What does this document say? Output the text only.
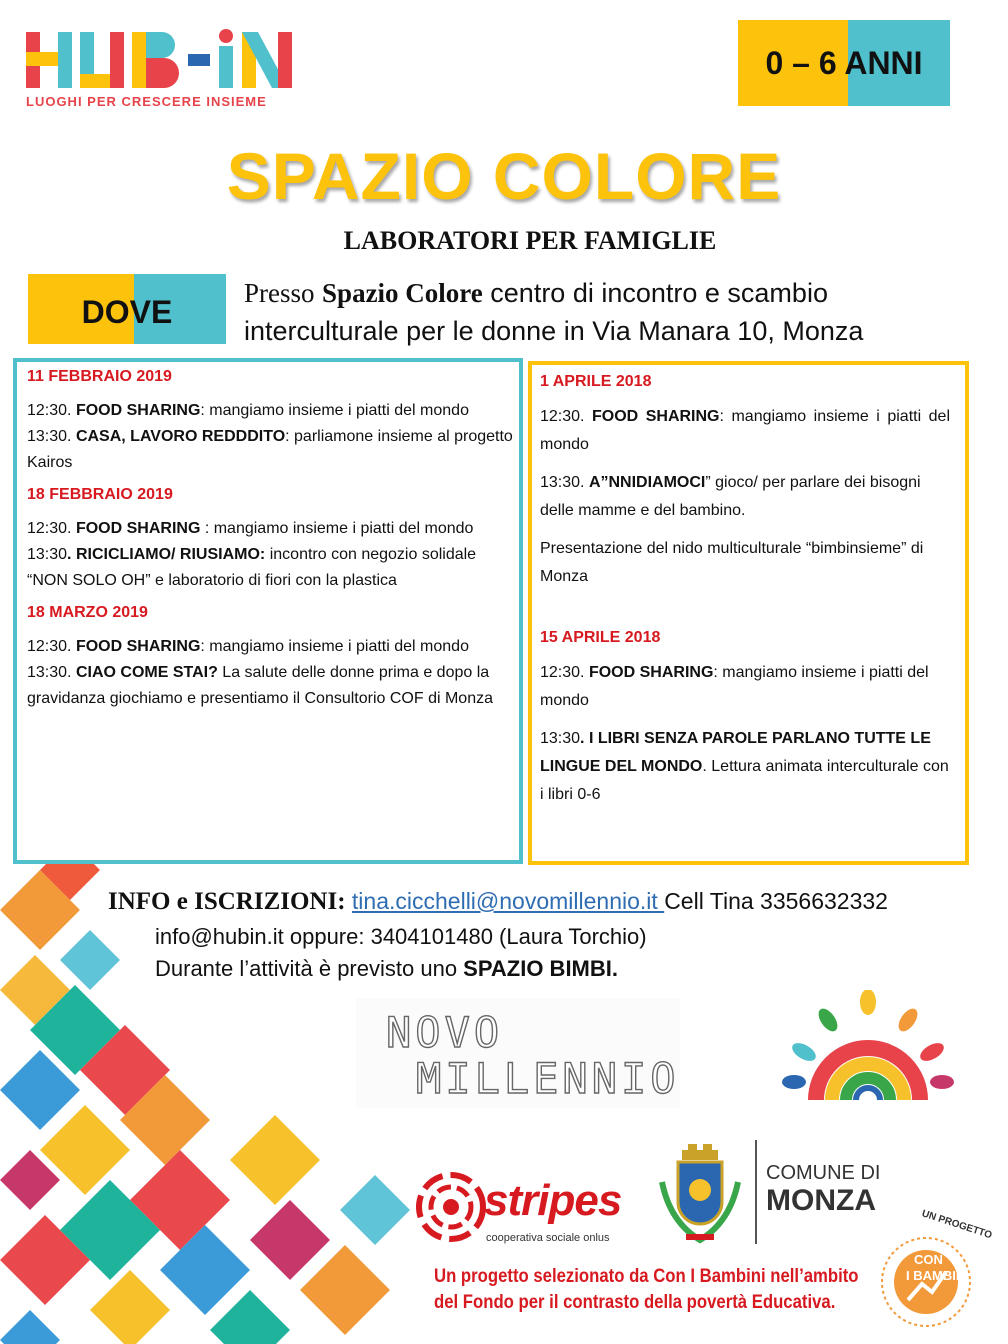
LUOGHI PER CRESCERE INSIEME
0 – 6 ANNI
SPAZIO COLORE
LABORATORI PER FAMIGLIE
DOVE
Presso Spazio Colore centro di incontro e scambio
interculturale per le donne in Via Manara 10, Monza
11 FEBBRAIO 2019
12:30. FOOD SHARING: mangiamo insieme i piatti del mondo
13:30. CASA, LAVORO REDDDITO: parliamone insieme al progetto Kairos
18 FEBBRAIO 2019
12:30. FOOD SHARING : mangiamo insieme i piatti del mondo
13:30. RICICLIAMO/ RIUSIAMO: incontro con negozio solidale “NON SOLO OH” e laboratorio di fiori con la plastica
18 MARZO 2019
12:30. FOOD SHARING: mangiamo insieme i piatti del mondo
13:30. CIAO COME STAI? La salute delle donne prima e dopo la gravidanza giochiamo e presentiamo il Consultorio COF di Monza
1 APRILE 2018
12:30. FOOD SHARING: mangiamo insieme i piatti del mondo
13:30. A”NNIDIAMOCI” gioco/ per parlare dei bisogni delle mamme e del bambino.
Presentazione del nido multiculturale “bimbinsieme” di Monza
15 APRILE 2018
12:30. FOOD SHARING: mangiamo insieme i piatti del mondo
13:30. I LIBRI SENZA PAROLE PARLANO TUTTE LE LINGUE DEL MONDO. Lettura animata interculturale con i libri 0-6
INFO e ISCRIZIONI: tina.cicchelli@novomillennio.it Cell Tina 3356632332
info@hubin.it oppure: 3404101480 (Laura Torchio)
Durante l’attività è previsto uno SPAZIO BIMBI.
NOVO
MILLENNIO
stripes
cooperativa sociale onlus
COMUNE DI
MONZA
Un progetto selezionato da Con I Bambini nell’ambito
del Fondo per il contrasto della povertà Educativa.
UN PROGETTO
CON
I BAMBINI
